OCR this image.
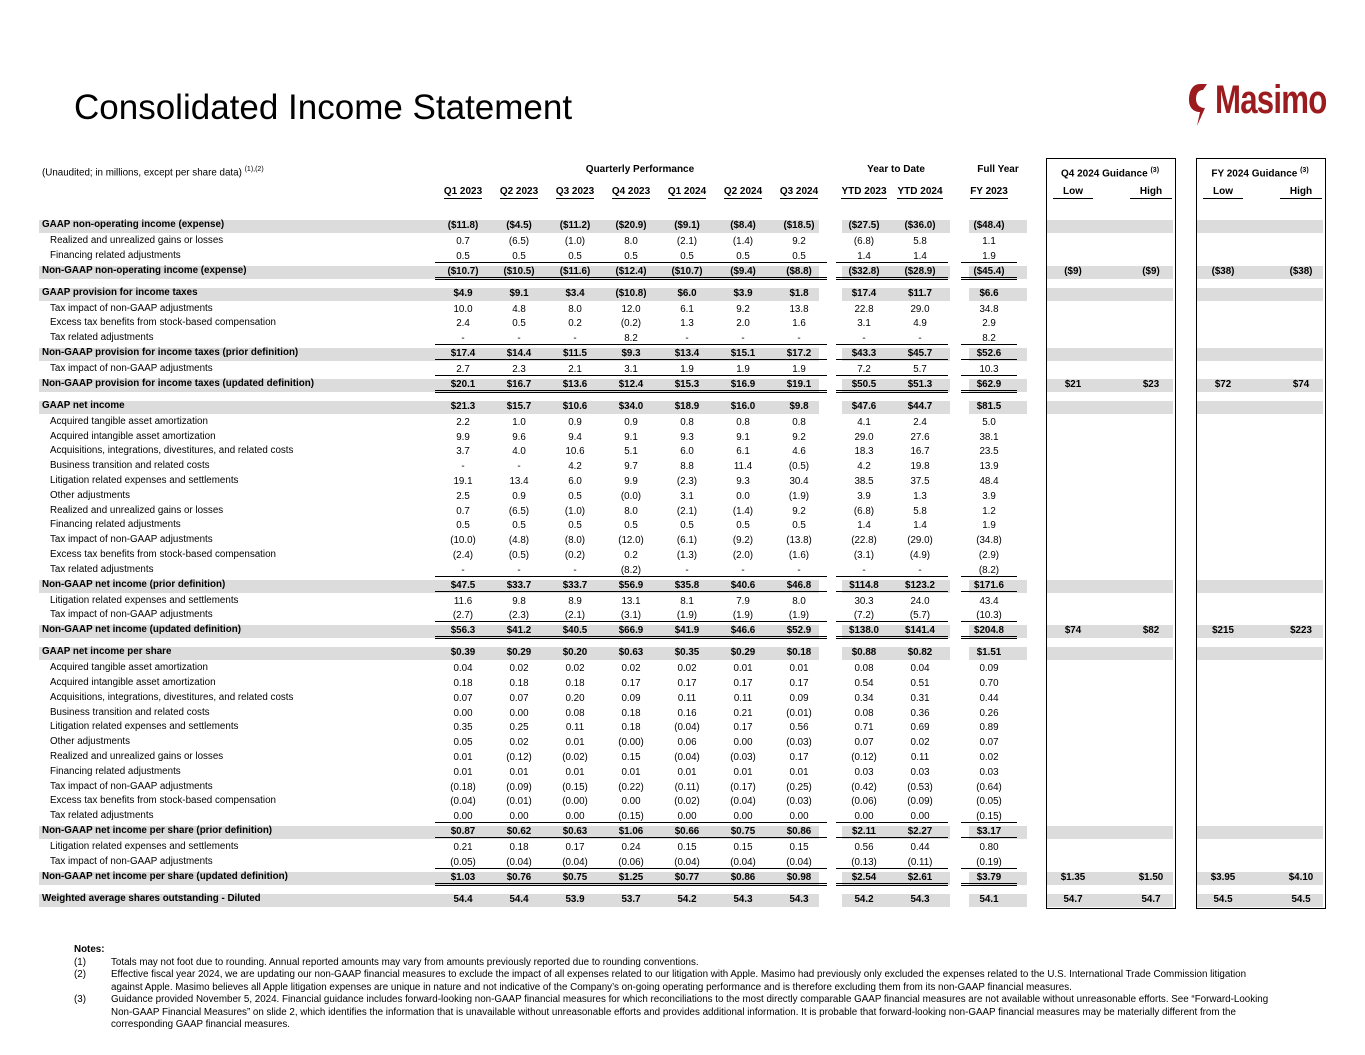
Consolidated Income Statement	Masimo
(Unaudited; in millions, except per share data) $^{(1),(2)}$	Quarterly Performance	Year to Date	Full Year	Q4 2024 Guidance $^{(3)}$	FY 2024 Guidance $^{(3)}$
Q1 2023	Q2 2023	Q3 2023	Q4 2023	Q1 2024	Q2 2024	Q3 2024	YTD 2023	YTD 2024	FY 2023	Low	High	Low	High
GAAP non-operating income (expense)	($11.8)	($4.5)	($11.2)	($20.9)	($9.1)	($8.4)	($18.5)	($27.5)	($36.0)	($48.4)
Realized and unrealized gains or losses	0.7	(6.5)	(1.0)	8.0	(2.1)	(1.4)	9.2	(6.8)	5.8	1.1
Financing related adjustments	0.5	0.5	0.5	0.5	0.5	0.5	0.5	1.4	1.4	1.9
Non-GAAP non-operating income (expense)	($10.7)	($10.5)	($11.6)	($12.4)	($10.7)	($9.4)	($8.8)	($32.8)	($28.9)	($45.4)	($9)	($9)	($38)	($38)
GAAP provision for income taxes	$4.9	$9.1	$3.4	($10.8)	$6.0	$3.9	$1.8	$17.4	$11.7	$6.6
Tax impact of non-GAAP adjustments	10.0	4.8	8.0	12.0	6.1	9.2	13.8	22.8	29.0	34.8
Excess tax benefits from stock-based compensation	2.4	0.5	0.2	(0.2)	1.3	2.0	1.6	3.1	4.9	2.9
Tax related adjustments	-	-	-	8.2	-	-	-	-	-	8.2
Non-GAAP provision for income taxes (prior definition)	$17.4	$14.4	$11.5	$9.3	$13.4	$15.1	$17.2	$43.3	$45.7	$52.6
Tax impact of non-GAAP adjustments	2.7	2.3	2.1	3.1	1.9	1.9	1.9	7.2	5.7	10.3
Non-GAAP provision for income taxes (updated definition)	$20.1	$16.7	$13.6	$12.4	$15.3	$16.9	$19.1	$50.5	$51.3	$62.9	$21	$23	$72	$74
GAAP net income	$21.3	$15.7	$10.6	$34.0	$18.9	$16.0	$9.8	$47.6	$44.7	$81.5
Acquired tangible asset amortization	2.2	1.0	0.9	0.9	0.8	0.8	0.8	4.1	2.4	5.0
Acquired intangible asset amortization	9.9	9.6	9.4	9.1	9.3	9.1	9.2	29.0	27.6	38.1
Acquisitions, integrations, divestitures, and related costs	3.7	4.0	10.6	5.1	6.0	6.1	4.6	18.3	16.7	23.5
Business transition and related costs	-	-	4.2	9.7	8.8	11.4	(0.5)	4.2	19.8	13.9
Litigation related expenses and settlements	19.1	13.4	6.0	9.9	(2.3)	9.3	30.4	38.5	37.5	48.4
Other adjustments	2.5	0.9	0.5	(0.0)	3.1	0.0	(1.9)	3.9	1.3	3.9
Realized and unrealized gains or losses	0.7	(6.5)	(1.0)	8.0	(2.1)	(1.4)	9.2	(6.8)	5.8	1.2
Financing related adjustments	0.5	0.5	0.5	0.5	0.5	0.5	0.5	1.4	1.4	1.9
Tax impact of non-GAAP adjustments	(10.0)	(4.8)	(8.0)	(12.0)	(6.1)	(9.2)	(13.8)	(22.8)	(29.0)	(34.8)
Excess tax benefits from stock-based compensation	(2.4)	(0.5)	(0.2)	0.2	(1.3)	(2.0)	(1.6)	(3.1)	(4.9)	(2.9)
Tax related adjustments	-	-	-	(8.2)	-	-	-	-	-	(8.2)
Non-GAAP net income (prior definition)	$47.5	$33.7	$33.7	$56.9	$35.8	$40.6	$46.8	$114.8	$123.2	$171.6
Litigation related expenses and settlements	11.6	9.8	8.9	13.1	8.1	7.9	8.0	30.3	24.0	43.4
Tax impact of non-GAAP adjustments	(2.7)	(2.3)	(2.1)	(3.1)	(1.9)	(1.9)	(1.9)	(7.2)	(5.7)	(10.3)
Non-GAAP net income (updated definition)	$56.3	$41.2	$40.5	$66.9	$41.9	$46.6	$52.9	$138.0	$141.4	$204.8	$74	$82	$215	$223
GAAP net income per share	$0.39	$0.29	$0.20	$0.63	$0.35	$0.29	$0.18	$0.88	$0.82	$1.51
Acquired tangible asset amortization	0.04	0.02	0.02	0.02	0.02	0.01	0.01	0.08	0.04	0.09
Acquired intangible asset amortization	0.18	0.18	0.18	0.17	0.17	0.17	0.17	0.54	0.51	0.70
Acquisitions, integrations, divestitures, and related costs	0.07	0.07	0.20	0.09	0.11	0.11	0.09	0.34	0.31	0.44
Business transition and related costs	0.00	0.00	0.08	0.18	0.16	0.21	(0.01)	0.08	0.36	0.26
Litigation related expenses and settlements	0.35	0.25	0.11	0.18	(0.04)	0.17	0.56	0.71	0.69	0.89
Other adjustments	0.05	0.02	0.01	(0.00)	0.06	0.00	(0.03)	0.07	0.02	0.07
Realized and unrealized gains or losses	0.01	(0.12)	(0.02)	0.15	(0.04)	(0.03)	0.17	(0.12)	0.11	0.02
Financing related adjustments	0.01	0.01	0.01	0.01	0.01	0.01	0.01	0.03	0.03	0.03
Tax impact of non-GAAP adjustments	(0.18)	(0.09)	(0.15)	(0.22)	(0.11)	(0.17)	(0.25)	(0.42)	(0.53)	(0.64)
Excess tax benefits from stock-based compensation	(0.04)	(0.01)	(0.00)	0.00	(0.02)	(0.04)	(0.03)	(0.06)	(0.09)	(0.05)
Tax related adjustments	0.00	0.00	0.00	(0.15)	0.00	0.00	0.00	0.00	0.00	(0.15)
Non-GAAP net income per share (prior definition)	$0.87	$0.62	$0.63	$1.06	$0.66	$0.75	$0.86	$2.11	$2.27	$3.17
Litigation related expenses and settlements	0.21	0.18	0.17	0.24	0.15	0.15	0.15	0.56	0.44	0.80
Tax impact of non-GAAP adjustments	(0.05)	(0.04)	(0.04)	(0.06)	(0.04)	(0.04)	(0.04)	(0.13)	(0.11)	(0.19)
Non-GAAP net income per share (updated definition)	$1.03	$0.76	$0.75	$1.25	$0.77	$0.86	$0.98	$2.54	$2.61	$3.79	$1.35	$1.50	$3.95	$4.10
Weighted average shares outstanding - Diluted	54.4	54.4	53.9	53.7	54.2	54.3	54.3	54.2	54.3	54.1	54.7	54.7	54.5	54.5
Notes:
(1)	Totals may not foot due to rounding. Annual reported amounts may vary from amounts previously reported due to rounding conventions.
(2)	Effective fiscal year 2024, we are updating our non-GAAP financial measures to exclude the impact of all expenses related to our litigation with Apple. Masimo had previously only excluded the expenses related to the U.S. International Trade Commission litigation against Apple. Masimo believes all Apple litigation expenses are unique in nature and not indicative of the Company’s on-going operating performance and is therefore excluding them from its non-GAAP financial measures.
(3)	Guidance provided November 5, 2024. Financial guidance includes forward-looking non-GAAP financial measures for which reconciliations to the most directly comparable GAAP financial measures are not available without unreasonable efforts. See “Forward-Looking Non-GAAP Financial Measures” on slide 2, which identifies the information that is unavailable without unreasonable efforts and provides additional information. It is probable that forward-looking non-GAAP financial measures may be materially different from the corresponding GAAP financial measures.
